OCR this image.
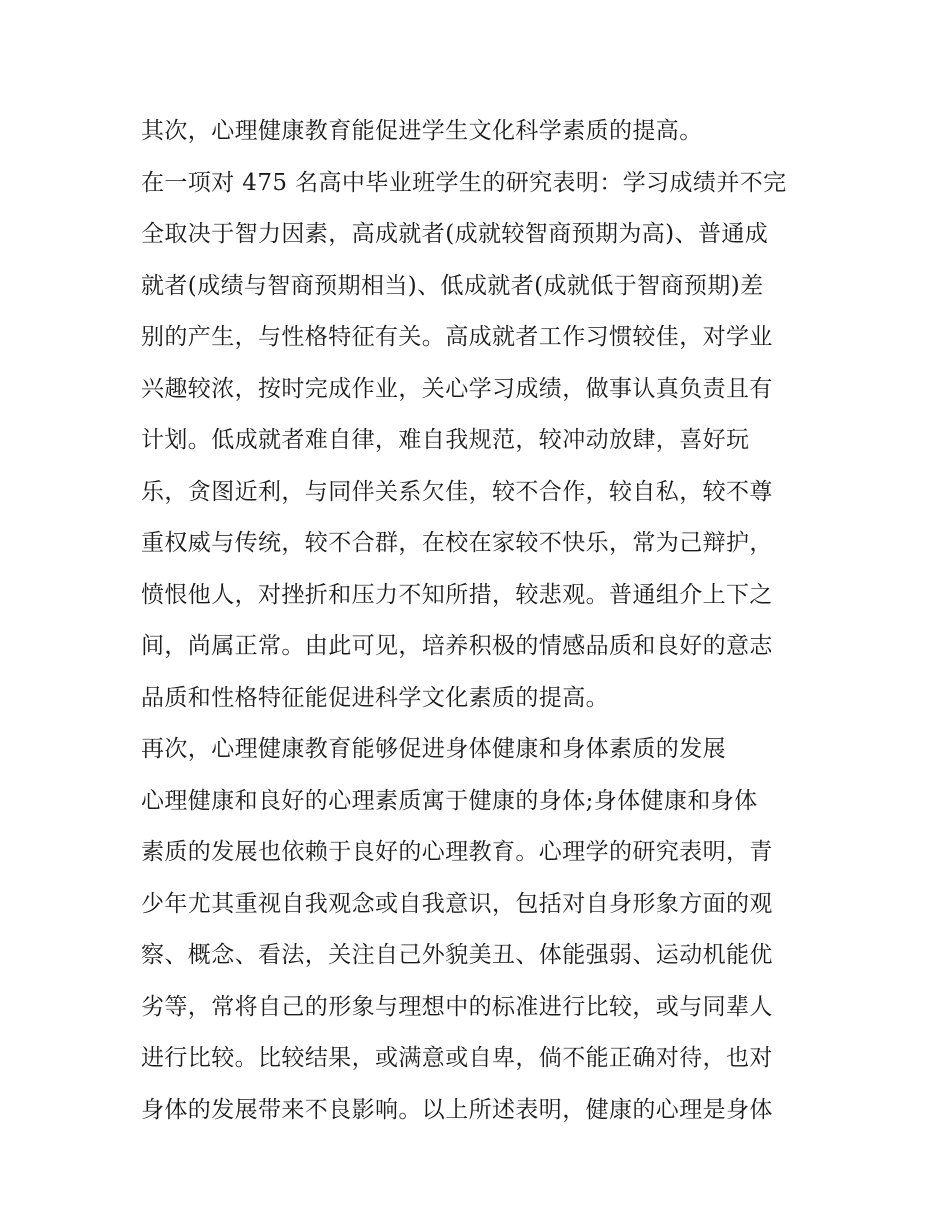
其次，心理健康教育能促进学生文化科学素质的提高。
在一项对 475 名高中毕业班学生的研究表明：学习成绩并不完
全取决于智力因素，高成就者(成就较智商预期为高)、普通成
就者(成绩与智商预期相当)、低成就者(成就低于智商预期)差
别的产生，与性格特征有关。高成就者工作习惯较佳，对学业
兴趣较浓，按时完成作业，关心学习成绩，做事认真负责且有
计划。低成就者难自律，难自我规范，较冲动放肆，喜好玩
乐，贪图近利，与同伴关系欠佳，较不合作，较自私，较不尊
重权威与传统，较不合群，在校在家较不快乐，常为己辩护，
愤恨他人，对挫折和压力不知所措，较悲观。普通组介上下之
间，尚属正常。由此可见，培养积极的情感品质和良好的意志
品质和性格特征能促进科学文化素质的提高。
再次，心理健康教育能够促进身体健康和身体素质的发展
心理健康和良好的心理素质寓于健康的身体;身体健康和身体
素质的发展也依赖于良好的心理教育。心理学的研究表明，青
少年尤其重视自我观念或自我意识，包括对自身形象方面的观
察、概念、看法，关注自己外貌美丑、体能强弱、运动机能优
劣等，常将自己的形象与理想中的标准进行比较，或与同辈人
进行比较。比较结果，或满意或自卑，倘不能正确对待，也对
身体的发展带来不良影响。以上所述表明，健康的心理是身体
